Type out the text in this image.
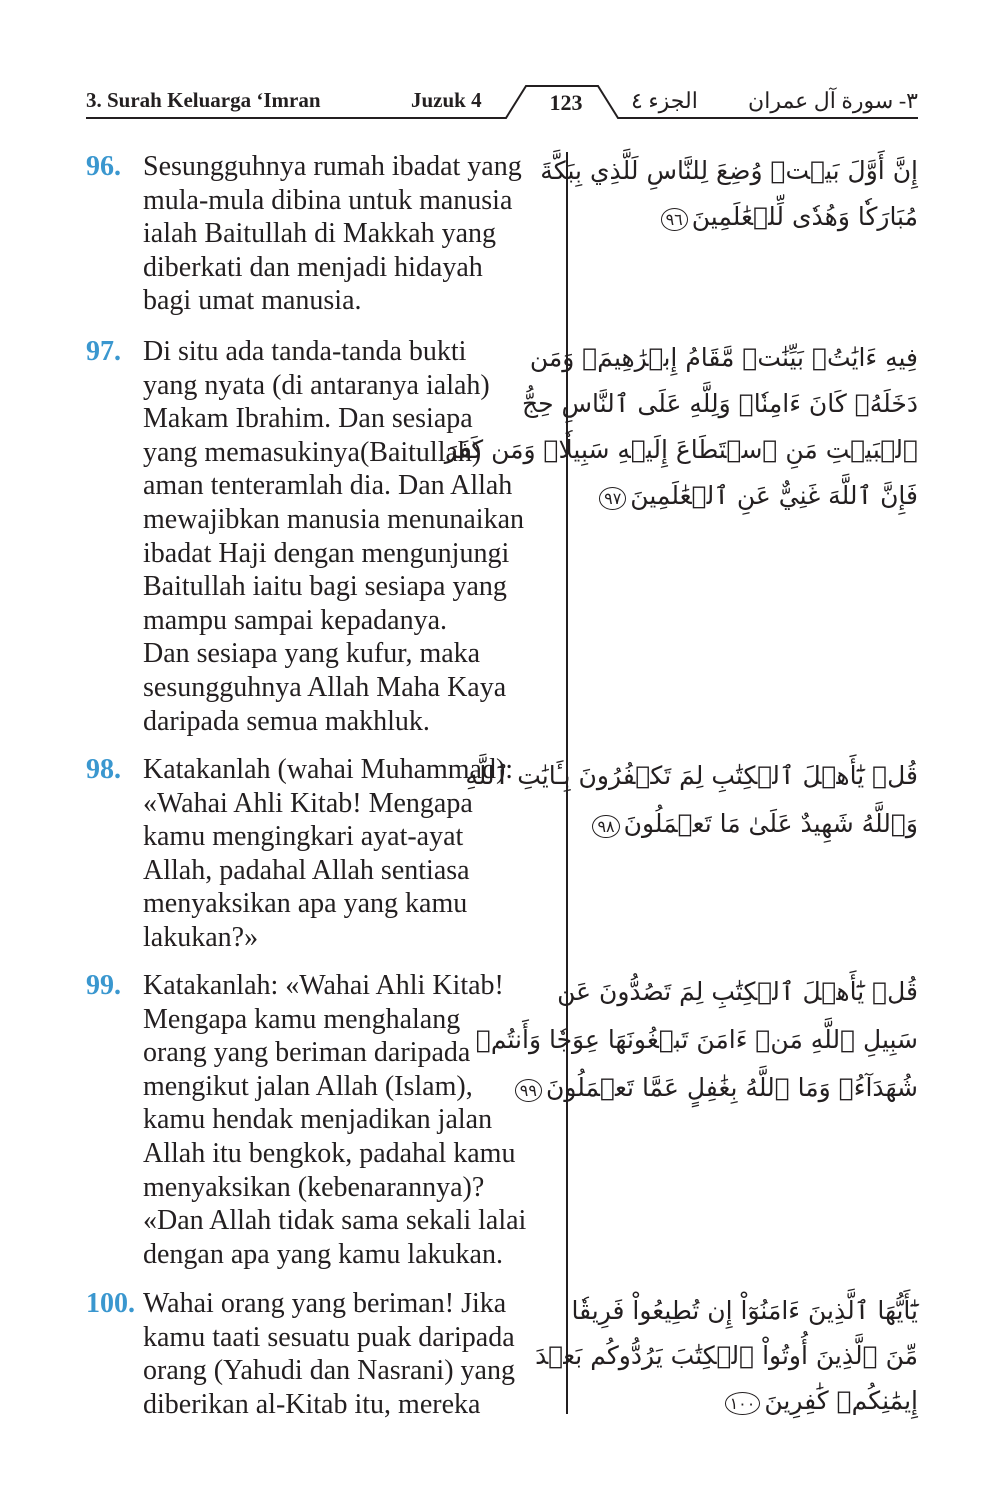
3. Surah Keluarga ‘Imran	Juzuk 4	123	الجزء ٤ ٣- سورة آل عمران
96. Sesungguhnya rumah ibadat yang
mula-mula dibina untuk manusia
ialah Baitullah di Makkah yang
diberkati dan menjadi hidayah
bagi umat manusia.
إِنَّ أَوَّلَ بَيۡتٖ وُضِعَ لِلنَّاسِ لَلَّذِي بِبَكَّةَ
مُبَارَكٗا وَهُدٗى لِّلۡعَٰلَمِينَ٩٦
97. Di situ ada tanda-tanda bukti
yang nyata (di antaranya ialah)
Makam Ibrahim. Dan sesiapa
yang memasukinya(Baitullah)
aman tenteramlah dia. Dan Allah
mewajibkan manusia menunaikan
ibadat Haji dengan mengunjungi
Baitullah iaitu bagi sesiapa yang
mampu sampai kepadanya.
Dan sesiapa yang kufur, maka
sesungguhnya Allah Maha Kaya
daripada semua makhluk.
فِيهِ ءَايَٰتُۢ بَيِّنَٰتٞ مَّقَامُ إِبۡرَٰهِيمَۖ وَمَن
دَخَلَهُۥ كَانَ ءَامِنٗاۗ وَلِلَّهِ عَلَى ٱلنَّاسِ حِجُّ
ٱلۡبَيۡتِ مَنِ ٱسۡتَطَاعَ إِلَيۡهِ سَبِيلٗاۚ وَمَن كَفَرَ
فَإِنَّ ٱللَّهَ غَنِيٌّ عَنِ ٱلۡعَٰلَمِينَ٩٧
98. Katakanlah (wahai Muhammad):
«Wahai Ahli Kitab! Mengapa
kamu mengingkari ayat-ayat
Allah, padahal Allah sentiasa
menyaksikan apa yang kamu
lakukan?»
قُلۡ يَٰٓأَهۡلَ ٱلۡكِتَٰبِ لِمَ تَكۡفُرُونَ بِـَٔايَٰتِ ٱللَّهِ
وَٱللَّهُ شَهِيدٌ عَلَىٰ مَا تَعۡمَلُونَ٩٨
99. Katakanlah: «Wahai Ahli Kitab!
Mengapa kamu menghalang
orang yang beriman daripada
mengikut jalan Allah (Islam),
kamu hendak menjadikan jalan
Allah itu bengkok, padahal kamu
menyaksikan (kebenarannya)?
«Dan Allah tidak sama sekali lalai
dengan apa yang kamu lakukan.
قُلۡ يَٰٓأَهۡلَ ٱلۡكِتَٰبِ لِمَ تَصُدُّونَ عَن
سَبِيلِ ٱللَّهِ مَنۡ ءَامَنَ تَبۡغُونَهَا عِوَجٗا وَأَنتُمۡ
شُهَدَآءُۗ وَمَا ٱللَّهُ بِغَٰفِلٍ عَمَّا تَعۡمَلُونَ٩٩
100. Wahai orang yang beriman! Jika
kamu taati sesuatu puak daripada
orang (Yahudi dan Nasrani) yang
diberikan al-Kitab itu, mereka
يَٰٓأَيُّهَا ٱلَّذِينَ ءَامَنُوٓاْ إِن تُطِيعُواْ فَرِيقٗا
مِّنَ ٱلَّذِينَ أُوتُواْ ٱلۡكِتَٰبَ يَرُدُّوكُم بَعۡدَ
إِيمَٰنِكُمۡ كَٰفِرِينَ١٠٠
